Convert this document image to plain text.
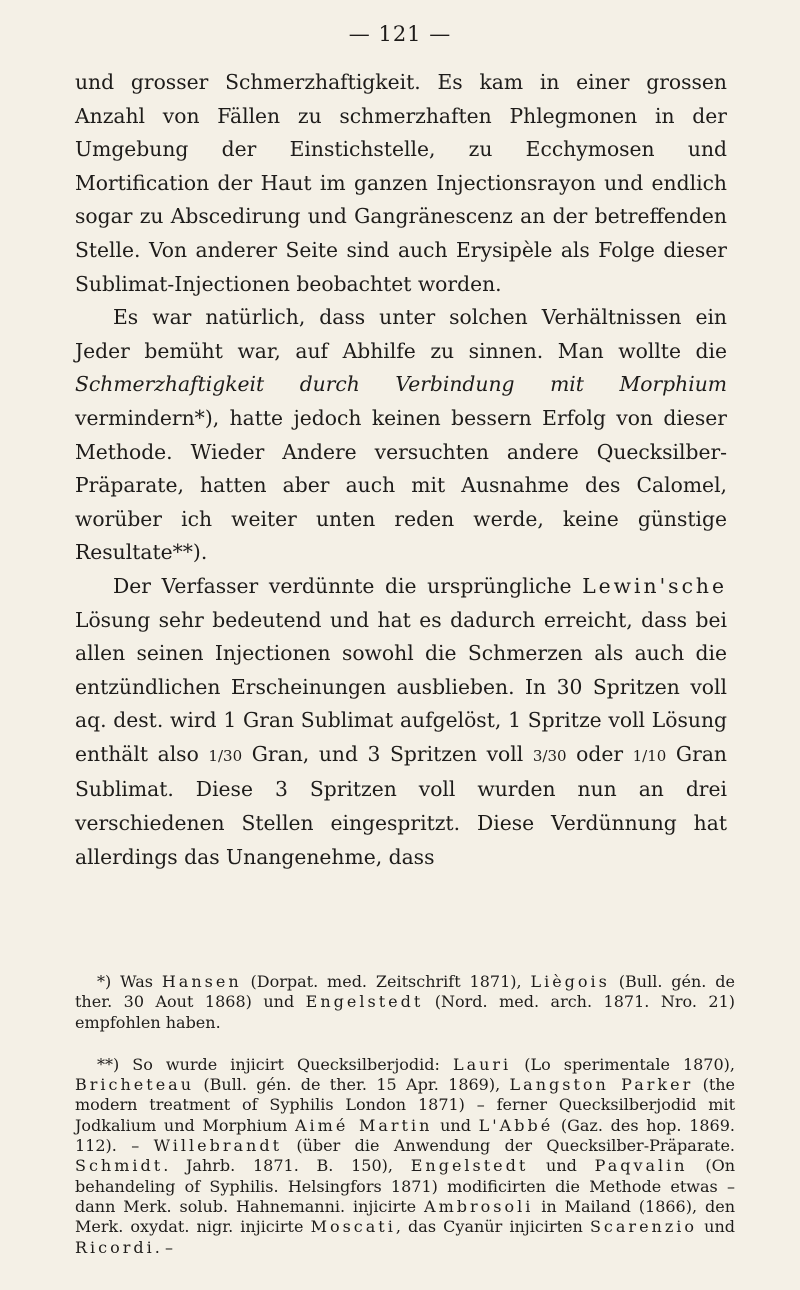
— 121 —

und grosser Schmerzhaftigkeit. Es kam in einer grossen Anzahl von Fällen zu schmerzhaften Phlegmonen in der Umgebung der Einstichstelle, zu Ecchymosen und Mortification der Haut im ganzen Injectionsrayon und endlich sogar zu Abscedirung und Gangränescenz an der betreffenden Stelle. Von anderer Seite sind auch Erysipèle als Folge dieser Sublimat-Injectionen beobachtet worden.

Es war natürlich, dass unter solchen Verhältnissen ein Jeder bemüht war, auf Abhilfe zu sinnen. Man wollte die Schmerzhaftigkeit durch Verbindung mit Morphium vermindern*), hatte jedoch keinen bessern Erfolg von dieser Methode. Wieder Andere versuchten andere Quecksilber-Präparate, hatten aber auch mit Ausnahme des Calomel, worüber ich weiter unten reden werde, keine günstige Resultate**).

Der Verfasser verdünnte die ursprüngliche Lewin'sche Lösung sehr bedeutend und hat es dadurch erreicht, dass bei allen seinen Injectionen sowohl die Schmerzen als auch die entzündlichen Erscheinungen ausblieben. In 30 Spritzen voll aq. dest. wird 1 Gran Sublimat aufgelöst, 1 Spritze voll Lösung enthält also 1/30 Gran, und 3 Spritzen voll 3/30 oder 1/10 Gran Sublimat. Diese 3 Spritzen voll wurden nun an drei verschiedenen Stellen eingespritzt. Diese Verdünnung hat allerdings das Unangenehme, dass

*) Was Hansen (Dorpat. med. Zeitschrift 1871), Liègois (Bull. gén. de ther. 30 Aout 1868) und Engelstedt (Nord. med. arch. 1871. Nro. 21) empfohlen haben.

**) So wurde injicirt Quecksilberjodid: Lauri (Lo sperimentale 1870), Bricheteau (Bull. gén. de ther. 15 Apr. 1869), Langston Parker (the modern treatment of Syphilis London 1871) – ferner Quecksilberjodid mit Jodkalium und Morphium Aimé Martin und L'Abbé (Gaz. des hop. 1869. 112). – Willebrandt (über die Anwendung der Quecksilber-Präparate. Schmidt. Jahrb. 1871. B. 150), Engelstedt und Paqvalin (On behandeling of Syphilis. Helsingfors 1871) modificirten die Methode etwas – dann Merk. solub. Hahnemanni. injicirte Ambrosoli in Mailand (1866), den Merk. oxydat. nigr. injicirte Moscati, das Cyanür injicirten Scarenzio und Ricordi. –
